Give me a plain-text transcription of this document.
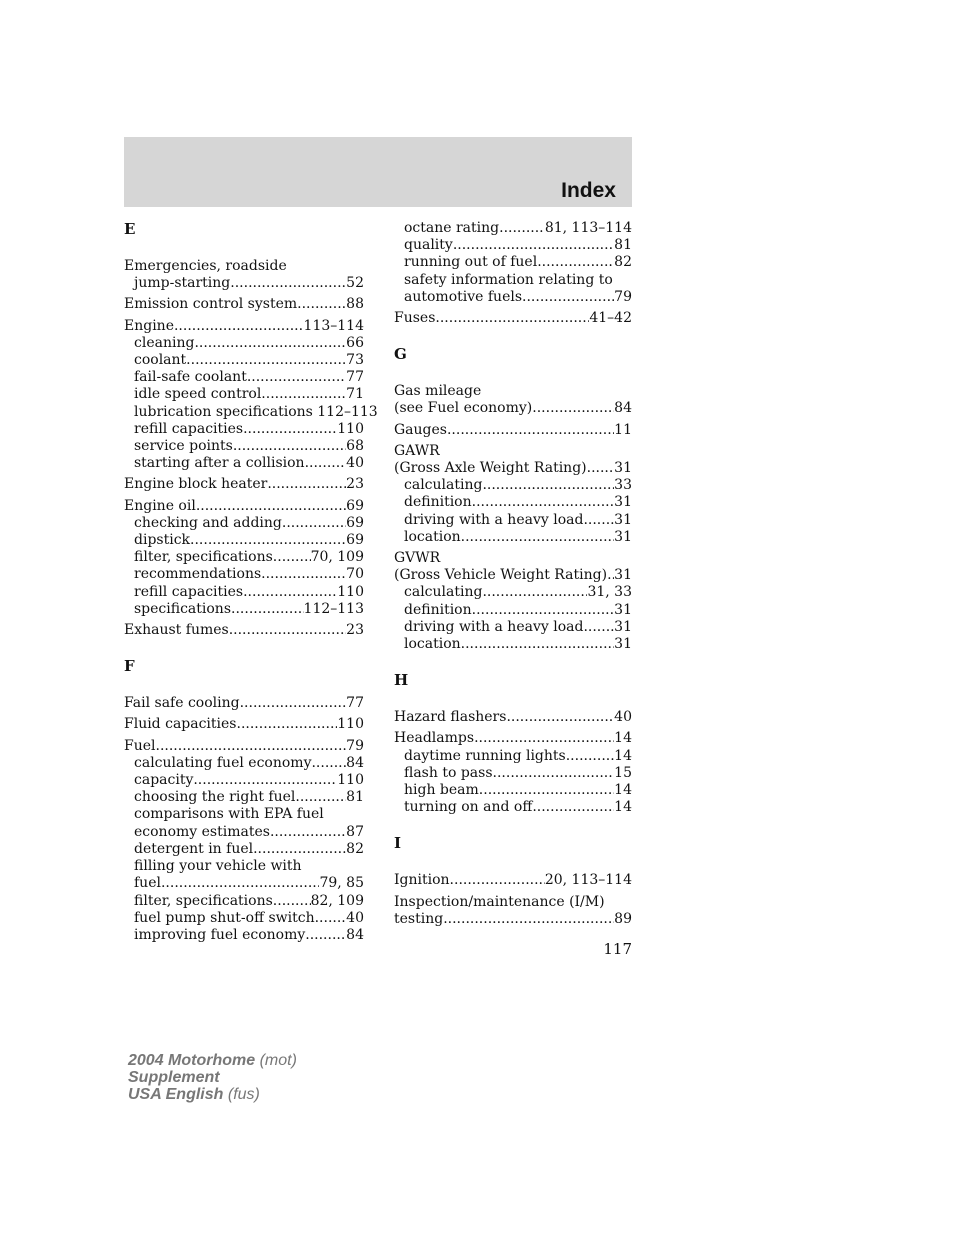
Index
E
Emergencies, roadside
jump-starting .....	52
Emission control system .....	88
Engine .....	113–114
cleaning .....	66
coolant .....	73
fail-safe coolant .....	77
idle speed control .....	71
lubrication specifications 112–113
refill capacities .....	110
service points .....	68
starting after a collision .....	40
Engine block heater .....	23
Engine oil .....	69
checking and adding .....	69
dipstick .....	69
filter, specifications .....	70, 109
recommendations .....	70
refill capacities .....	110
specifications .....	112–113
Exhaust fumes .....	23
F
Fail safe cooling .....	77
Fluid capacities .....	110
Fuel .....	79
calculating fuel economy ..... 84
capacity .....	110
choosing the right fuel .....	81
comparisons with EPA fuel
economy estimates .....	87
detergent in fuel .....	82
filling your vehicle with
fuel .....	79, 85
filter, specifications .....	82, 109
fuel pump shut-off switch ..... 40
improving fuel economy .....	84
octane rating .....	81, 113–114
quality .....	81
running out of fuel .....	82
safety information relating to
automotive fuels .....	79
Fuses .....	41–42
G
Gas mileage
(see Fuel economy) .....	84
Gauges .....	11
GAWR
(Gross Axle Weight Rating) ..... 31
calculating .....	33
definition .....	31
driving with a heavy load ..... 31
location .....	31
GVWR
(Gross Vehicle Weight Rating) ..... 31
calculating .....	31, 33
definition .....	31
driving with a heavy load ..... 31
location .....	31
H
Hazard flashers .....	40
Headlamps .....	14
daytime running lights .....	14
flash to pass .....	15
high beam .....	14
turning on and off .....	14
I
Ignition .....	20, 113–114
Inspection/maintenance (I/M)
testing .....	89
117
2004 Motorhome (mot)
Supplement
USA English (fus)
